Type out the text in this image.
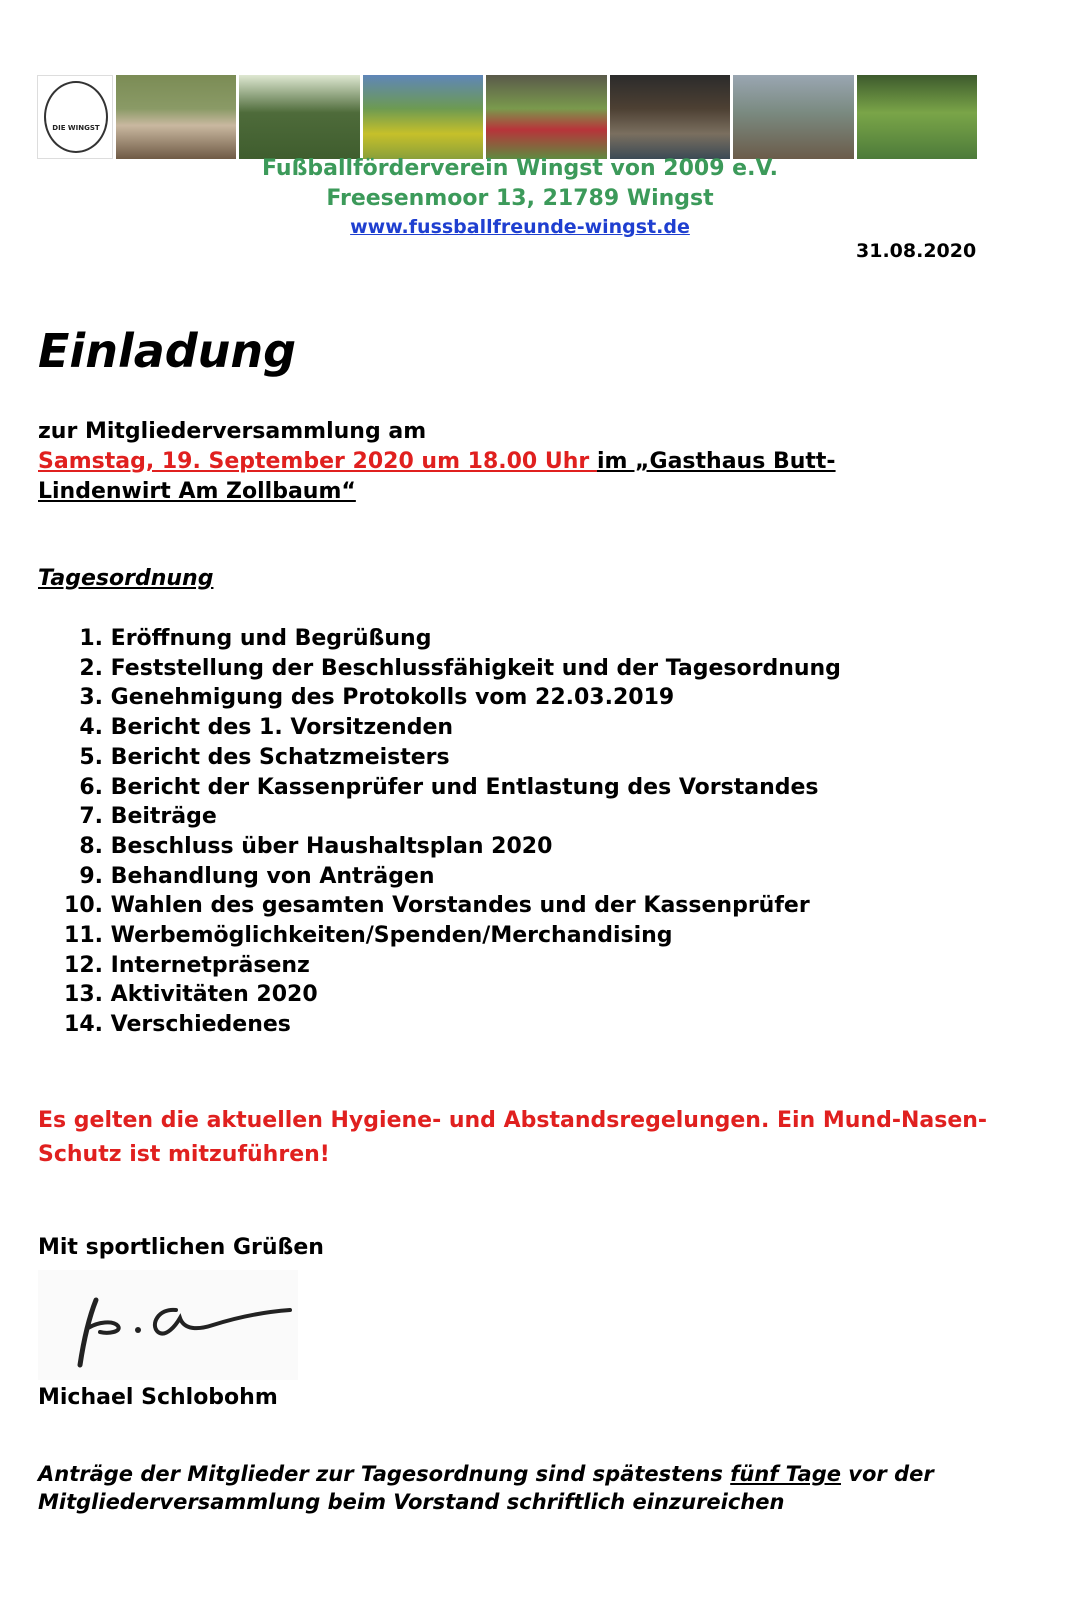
DIE WINGST
Fußballförderverein Wingst von 2009 e.V.
Freesenmoor 13, 21789 Wingst
www.fussballfreunde-wingst.de
31.08.2020
Einladung
zur Mitgliederversammlung am
Samstag, 19. September 2020 um 18.00 Uhr im „Gasthaus Butt-Lindenwirt Am Zollbaum“
Tagesordnung
1. Eröffnung und Begrüßung
2. Feststellung der Beschlussfähigkeit und der Tagesordnung
3. Genehmigung des Protokolls vom 22.03.2019
4. Bericht des 1. Vorsitzenden
5. Bericht des Schatzmeisters
6. Bericht der Kassenprüfer und Entlastung des Vorstandes
7. Beiträge
8. Beschluss über Haushaltsplan 2020
9. Behandlung von Anträgen
10. Wahlen des gesamten Vorstandes und der Kassenprüfer
11. Werbemöglichkeiten/Spenden/Merchandising
12. Internetpräsenz
13. Aktivitäten 2020
14. Verschiedenes
Es gelten die aktuellen Hygiene- und Abstandsregelungen. Ein Mund-Nasen-Schutz ist mitzuführen!
Mit sportlichen Grüßen
Michael Schlobohm
Anträge der Mitglieder zur Tagesordnung sind spätestens fünf Tage vor der Mitgliederversammlung beim Vorstand schriftlich einzureichen
